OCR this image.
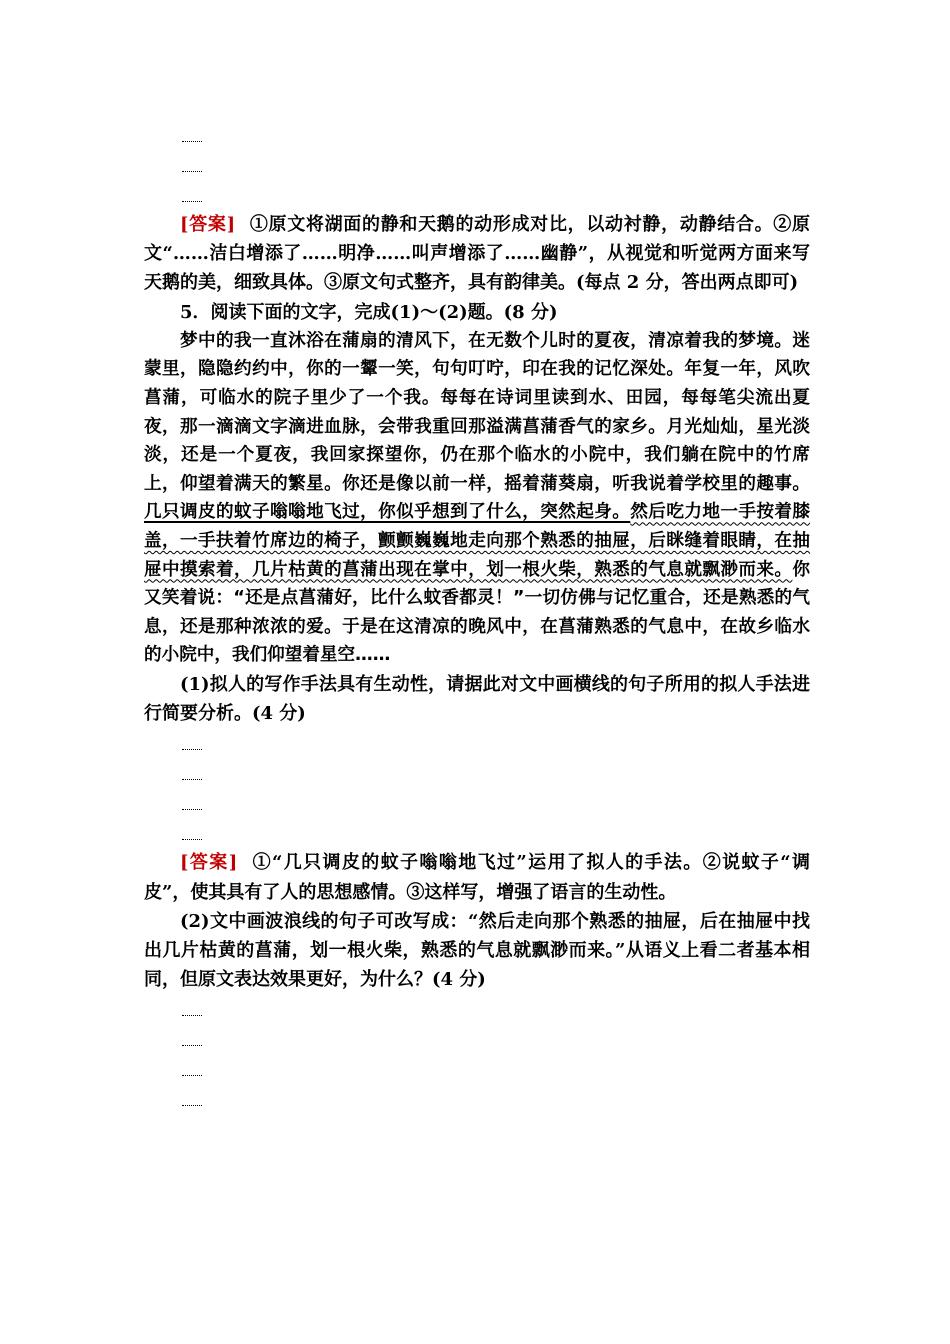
[答案] ①原文将湖面的静和天鹅的动形成对比，以动衬静，动静结合。②原文“……洁白增添了……明净……叫声增添了……幽静”，从视觉和听觉两方面来写天鹅的美，细致具体。③原文句式整齐，具有韵律美。(每点 2 分，答出两点即可)

5．阅读下面的文字，完成(1)～(2)题。(8 分)

梦中的我一直沐浴在蒲扇的清风下，在无数个儿时的夏夜，清凉着我的梦境。迷蒙里，隐隐约约中，你的一颦一笑，句句叮咛，印在我的记忆深处。年复一年，风吹菖蒲，可临水的院子里少了一个我。每每在诗词里读到水、田园，每每笔尖流出夏夜，那一滴滴文字滴进血脉，会带我重回那溢满菖蒲香气的家乡。月光灿灿，星光淡淡，还是一个夏夜，我回家探望你，仍在那个临水的小院中，我们躺在院中的竹席上，仰望着满天的繁星。你还是像以前一样，摇着蒲葵扇，听我说着学校里的趣事。几只调皮的蚊子嗡嗡地飞过，你似乎想到了什么，突然起身。然后吃力地一手按着膝盖，一手扶着竹席边的椅子，颤颤巍巍地走向那个熟悉的抽屉，后眯缝着眼睛，在抽屉中摸索着，几片枯黄的菖蒲出现在掌中，划一根火柴，熟悉的气息就飘渺而来。你又笑着说：“还是点菖蒲好，比什么蚊香都灵！”一切仿佛与记忆重合，还是熟悉的气息，还是那种浓浓的爱。于是在这清凉的晚风中，在菖蒲熟悉的气息中，在故乡临水的小院中，我们仰望着星空……

(1)拟人的写作手法具有生动性，请据此对文中画横线的句子所用的拟人手法进行简要分析。(4 分)

[答案] ①“几只调皮的蚊子嗡嗡地飞过”运用了拟人的手法。②说蚊子“调皮”，使其具有了人的思想感情。③这样写，增强了语言的生动性。

(2)文中画波浪线的句子可改写成：“然后走向那个熟悉的抽屉，后在抽屉中找出几片枯黄的菖蒲，划一根火柴，熟悉的气息就飘渺而来。”从语义上看二者基本相同，但原文表达效果更好，为什么？(4 分)
